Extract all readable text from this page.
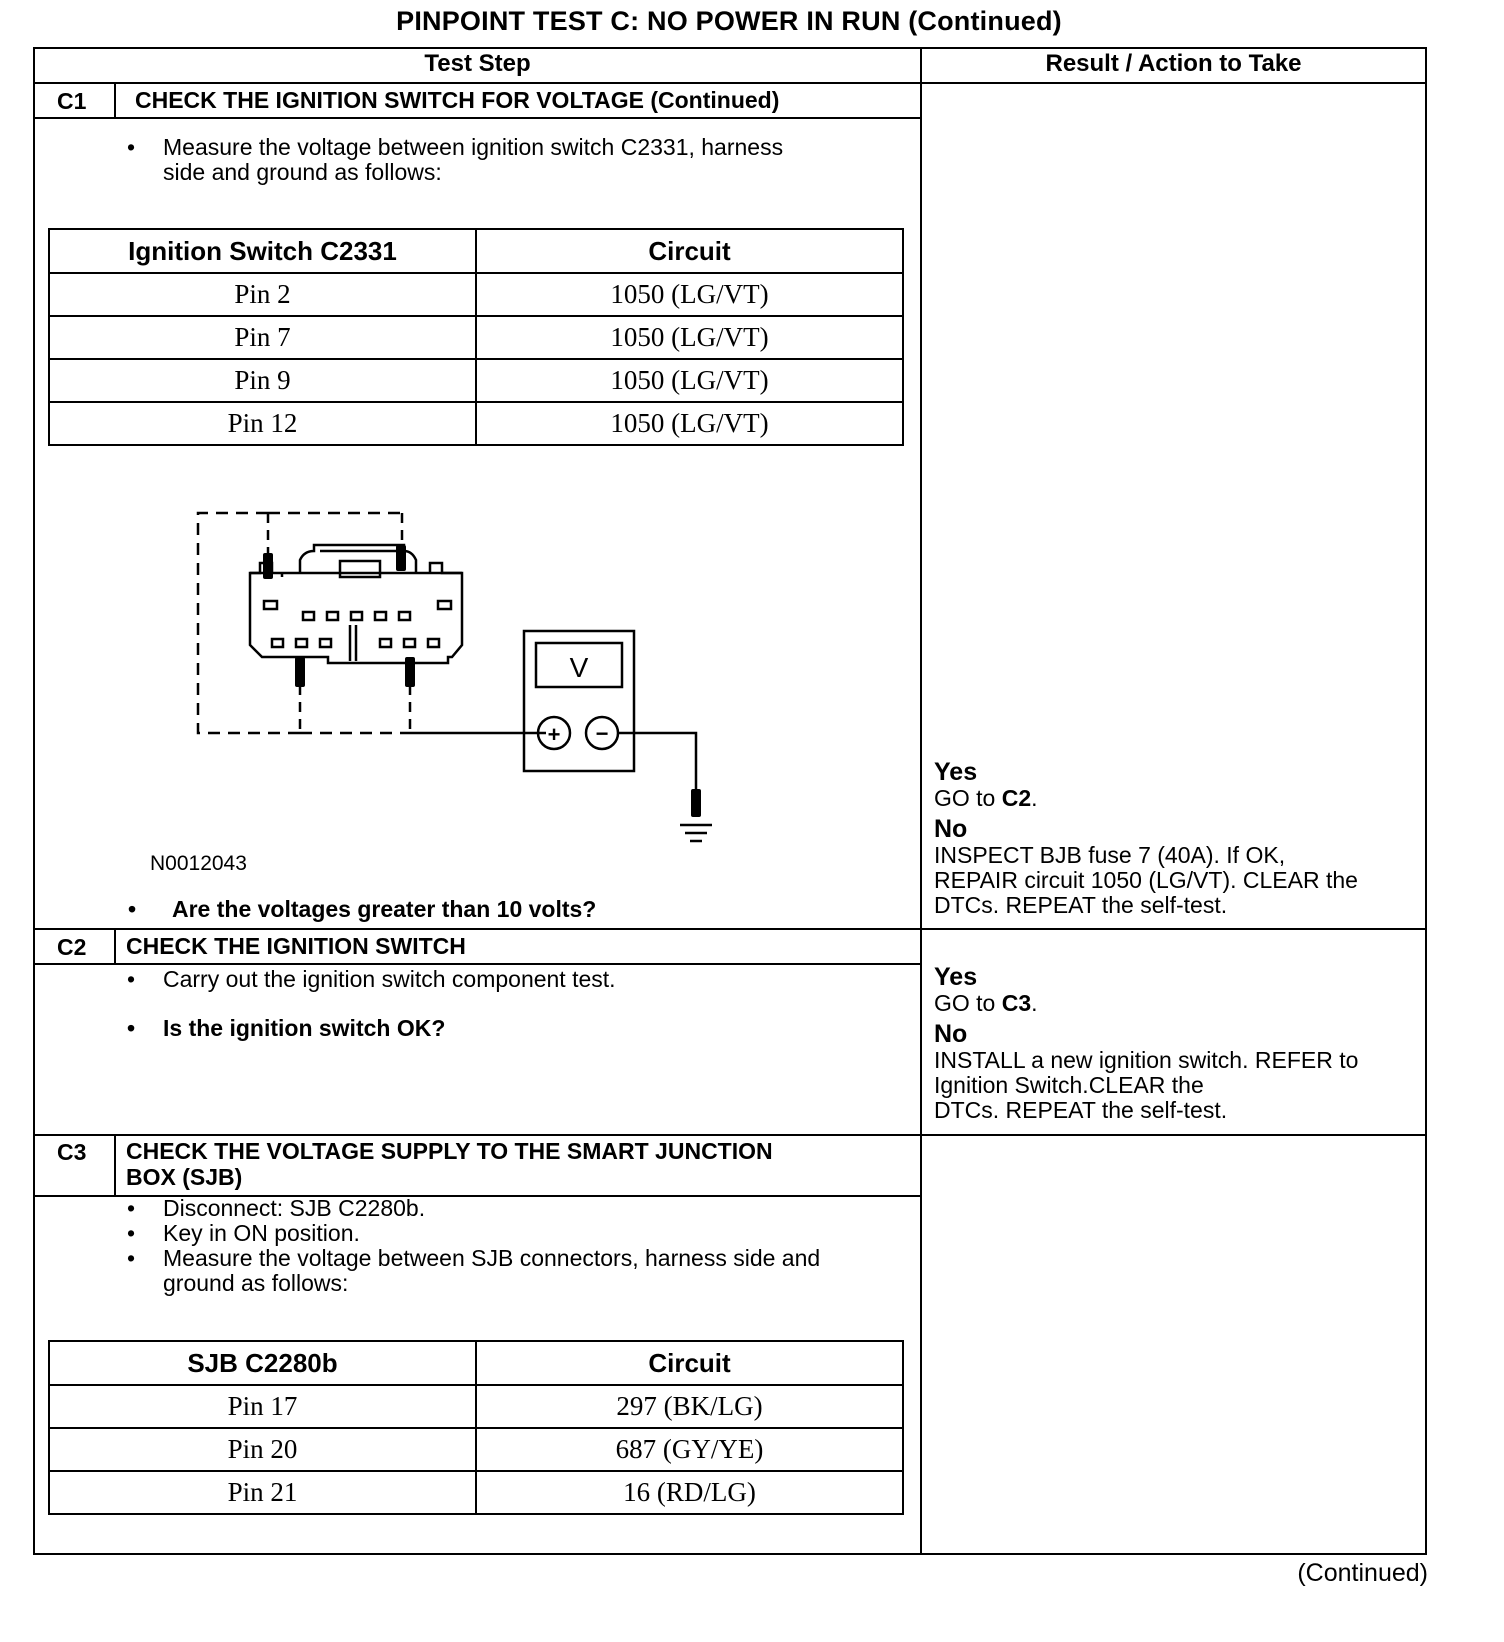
PINPOINT TEST C: NO POWER IN RUN (Continued)
Test Step	Result / Action to Take
C1 CHECK THE IGNITION SWITCH FOR VOLTAGE (Continued)
• Measure the voltage between ignition switch C2331, harness
side and ground as follows:
Ignition Switch C2331	Circuit
Pin 2	1050 (LG/VT)
Pin 7	1050 (LG/VT)
Pin 9	1050 (LG/VT)
Pin 12	1050 (LG/VT)
V
+ −
N0012043
• Are the voltages greater than 10 volts?
Yes
GO to C2.
No
INSPECT BJB fuse 7 (40A). If OK,
REPAIR circuit 1050 (LG/VT). CLEAR the
DTCs. REPEAT the self-test.
C2 CHECK THE IGNITION SWITCH
• Carry out the ignition switch component test.
• Is the ignition switch OK?
Yes
GO to C3.
No
INSTALL a new ignition switch. REFER to
Ignition Switch.CLEAR the
DTCs. REPEAT the self-test.
C3 CHECK THE VOLTAGE SUPPLY TO THE SMART JUNCTION
BOX (SJB)
• Disconnect: SJB C2280b.
• Key in ON position.
• Measure the voltage between SJB connectors, harness side and
ground as follows:
SJB C2280b	Circuit
Pin 17	297 (BK/LG)
Pin 20	687 (GY/YE)
Pin 21	16 (RD/LG)
(Continued)
